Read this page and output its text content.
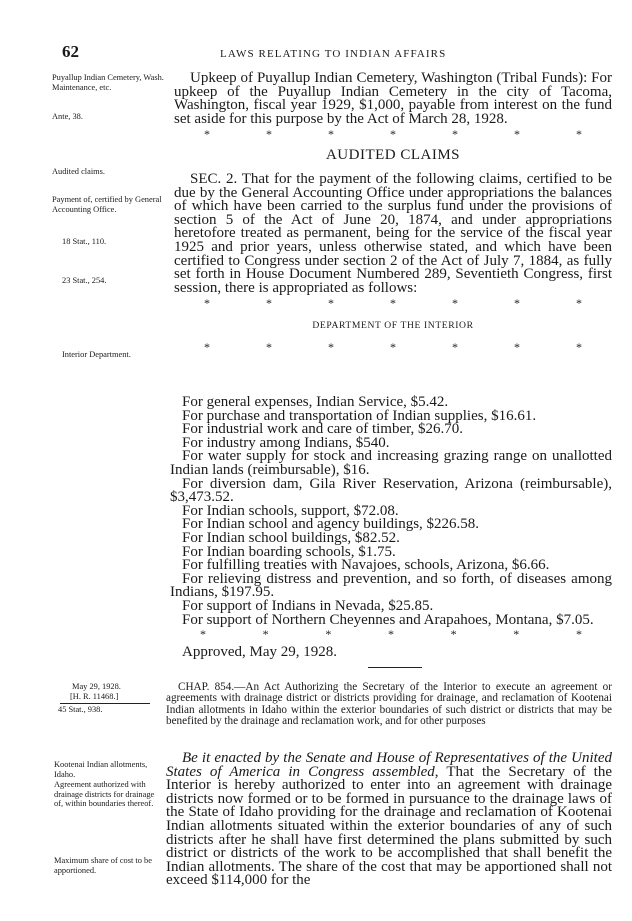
62	LAWS RELATING TO INDIAN AFFAIRS
Puyallup Indian Cemetery, Wash. Maintenance, etc.
Ante, 38.
Audited claims.
Payment of, certified by General Accounting Office.
18 Stat., 110.
23 Stat., 254.
Interior Department.
May 29, 1928.
[H. R. 11468.]
45 Stat., 938.
Kootenai Indian allotments, Idaho.
Agreement authorized with drainage districts for drainage of, within boundaries thereof.
Maximum share of cost to be apportioned.

Upkeep of Puyallup Indian Cemetery, Washington (Tribal Funds): For upkeep of the Puyallup Indian Cemetery in the city of Tacoma, Washington, fiscal year 1929, $1,000, payable from interest on the fund set aside for this purpose by the Act of March 28, 1928.

*	*	*	*	*	*	*

AUDITED CLAIMS

SEC. 2. That for the payment of the following claims, certified to be due by the General Accounting Office under appropriations the balances of which have been carried to the surplus fund under the provisions of section 5 of the Act of June 20, 1874, and under appropriations heretofore treated as permanent, being for the service of the fiscal year 1925 and prior years, unless otherwise stated, and which have been certified to Congress under section 2 of the Act of July 7, 1884, as fully set forth in House Document Numbered 289, Seventieth Congress, first session, there is appropriated as follows:

*	*	*	*	*	*	*

DEPARTMENT OF THE INTERIOR

*	*	*	*	*	*	*

For general expenses, Indian Service, $5.42.

For purchase and transportation of Indian supplies, $16.61.

For industrial work and care of timber, $26.70.

For industry among Indians, $540.

For water supply for stock and increasing grazing range on unallotted Indian lands (reimbursable), $16.

For diversion dam, Gila River Reservation, Arizona (reimbursable), $3,473.52.

For Indian schools, support, $72.08.

For Indian school and agency buildings, $226.58.

For Indian school buildings, $82.52.

For Indian boarding schools, $1.75.

For fulfilling treaties with Navajoes, schools, Arizona, $6.66.

For relieving distress and prevention, and so forth, of diseases among Indians, $197.95.

For support of Indians in Nevada, $25.85.

For support of Northern Cheyennes and Arapahoes, Montana, $7.05.

*	*	*	*	*	*	*

Approved, May 29, 1928.

CHAP. 854.—An Act Authorizing the Secretary of the Interior to execute an agreement or agreements with drainage district or districts providing for drainage, and reclamation of Kootenai Indian allotments in Idaho within the exterior boundaries of such district or districts that may be benefited by the drainage and reclamation work, and for other purposes

Be it enacted by the Senate and House of Representatives of the United States of America in Congress assembled, That the Secretary of the Interior is hereby authorized to enter into an agreement with drainage districts now formed or to be formed in pursuance to the drainage laws of the State of Idaho providing for the drainage and reclamation of Kootenai Indian allotments situated within the exterior boundaries of any of such districts after he shall have first determined the plans submitted by such district or districts of the work to be accomplished that shall benefit the Indian allotments. The share of the cost that may be apportioned shall not exceed $114,000 for the
